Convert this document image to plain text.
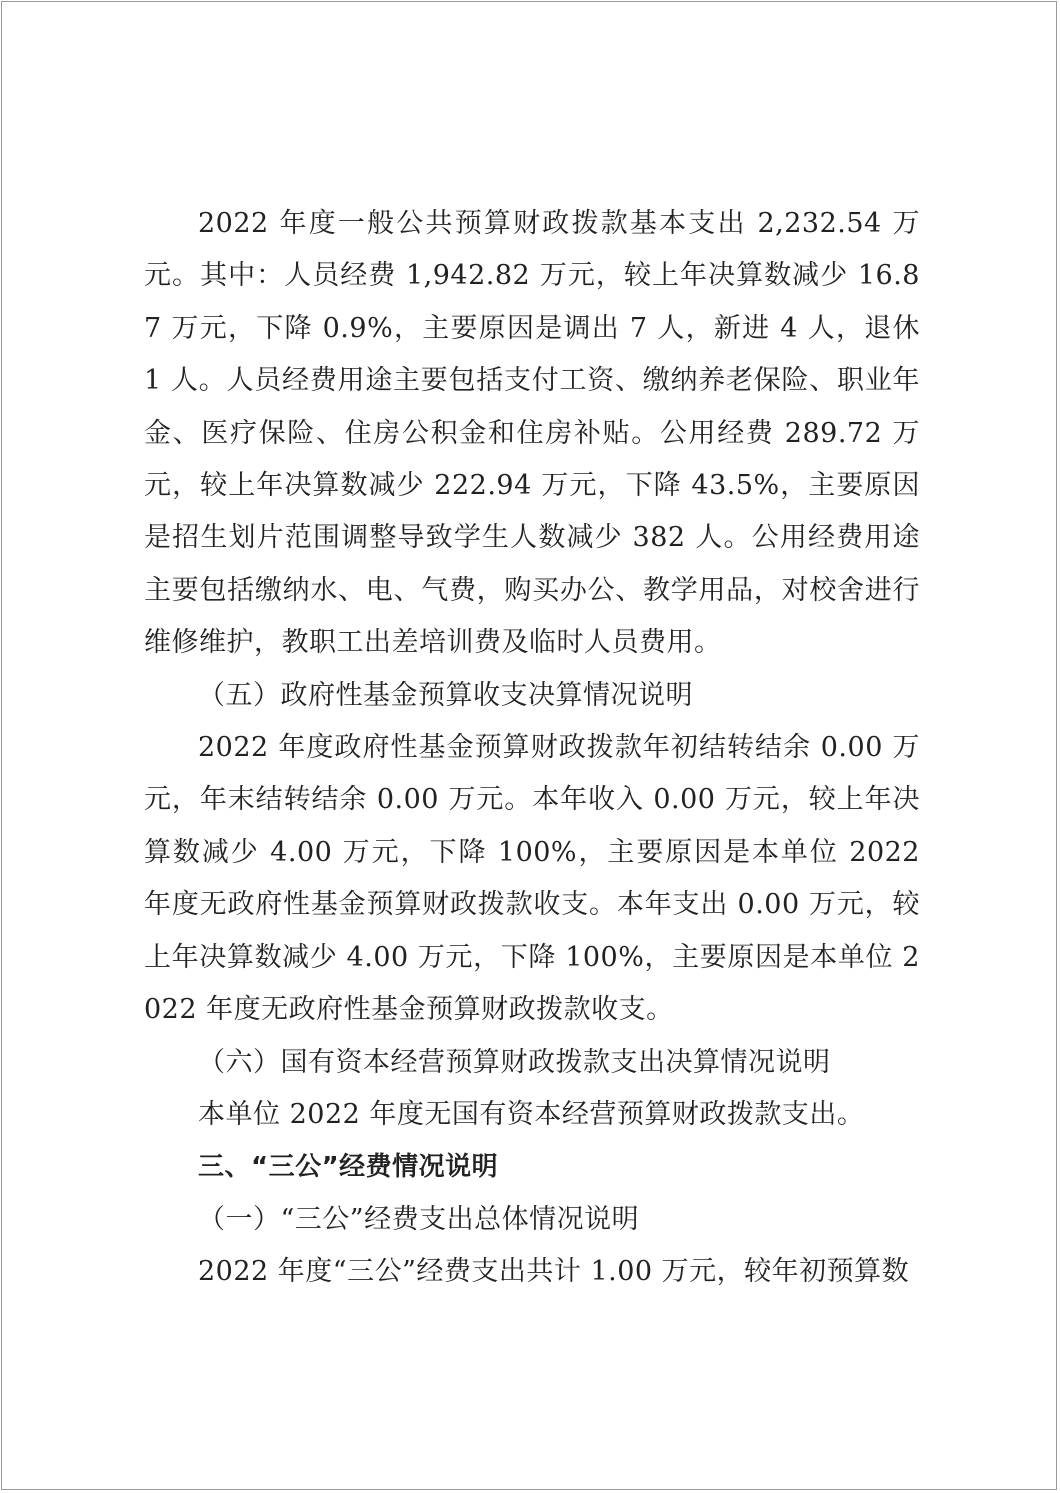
2022 年度一般公共预算财政拨款基本支出 2,232.54 万元。其中：人员经费 1,942.82 万元，较上年决算数减少 16.87 万元，下降 0.9%，主要原因是调出 7 人，新进 4 人，退休 1 人。人员经费用途主要包括支付工资、缴纳养老保险、职业年金、医疗保险、住房公积金和住房补贴。公用经费 289.72 万元，较上年决算数减少 222.94 万元，下降 43.5%，主要原因是招生划片范围调整导致学生人数减少 382 人。公用经费用途主要包括缴纳水、电、气费，购买办公、教学用品，对校舍进行维修维护，教职工出差培训费及临时人员费用。

（五）政府性基金预算收支决算情况说明

2022 年度政府性基金预算财政拨款年初结转结余 0.00 万元，年末结转结余 0.00 万元。本年收入 0.00 万元，较上年决算数减少 4.00 万元，下降 100%，主要原因是本单位 2022 年度无政府性基金预算财政拨款收支。本年支出 0.00 万元，较上年决算数减少 4.00 万元，下降 100%，主要原因是本单位 2022 年度无政府性基金预算财政拨款收支。

（六）国有资本经营预算财政拨款支出决算情况说明

本单位 2022 年度无国有资本经营预算财政拨款支出。

三、“三公”经费情况说明

（一）“三公”经费支出总体情况说明

2022 年度“三公”经费支出共计 1.00 万元，较年初预算数
